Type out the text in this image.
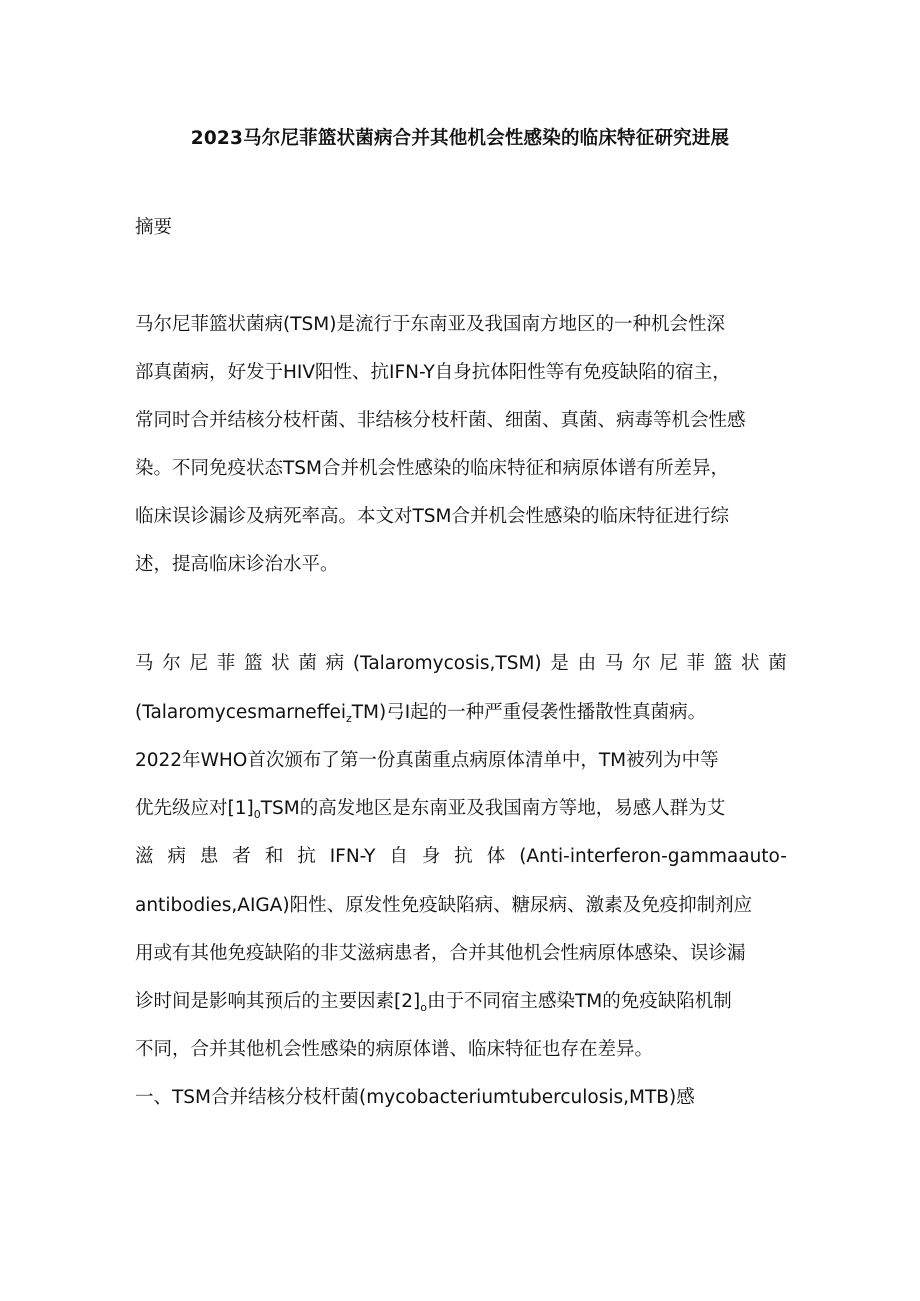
2023马尔尼菲篮状菌病合并其他机会性感染的临床特征研究进展
摘要
马尔尼菲篮状菌病(TSM)是流行于东南亚及我国南方地区的一种机会性深
部真菌病，好发于HIV阳性、抗IFN-Y自身抗体阳性等有免疫缺陷的宿主，
常同时合并结核分枝杆菌、非结核分枝杆菌、细菌、真菌、病毒等机会性感
染。不同免疫状态TSM合并机会性感染的临床特征和病原体谱有所差异，
临床误诊漏诊及病死率高。本文对TSM合并机会性感染的临床特征进行综
述，提高临床诊治水平。
马 尔 尼 菲 篮 状 菌 病 (Talaromycosis,TSM) 是 由 马 尔 尼 菲 篮 状 菌
(Talaromycesmarneffei$_z$TM)弓I起的一种严重侵袭性播散性真菌病。
2022年WHO首次颁布了第一份真菌重点病原体清单中，TM被列为中等
优先级应对$[1]_0TSM$的高发地区是东南亚及我国南方等地，易感人群为艾
滋 病 患 者 和 抗 IFN-Y 自 身 抗 体 (Anti-interferon-gammaauto-
antibodies,AIGA)阳性、原发性免疫缺陷病、糖尿病、激素及免疫抑制剂应
用或有其他免疫缺陷的非艾滋病患者，合并其他机会性病原体感染、误诊漏
诊时间是影响其预后的主要因素$[2]_o$由于不同宿主感染TM的免疫缺陷机制
不同，合并其他机会性感染的病原体谱、临床特征也存在差异。
一、TSM合并结核分枝杆菌(mycobacteriumtuberculosis,MTB)感
